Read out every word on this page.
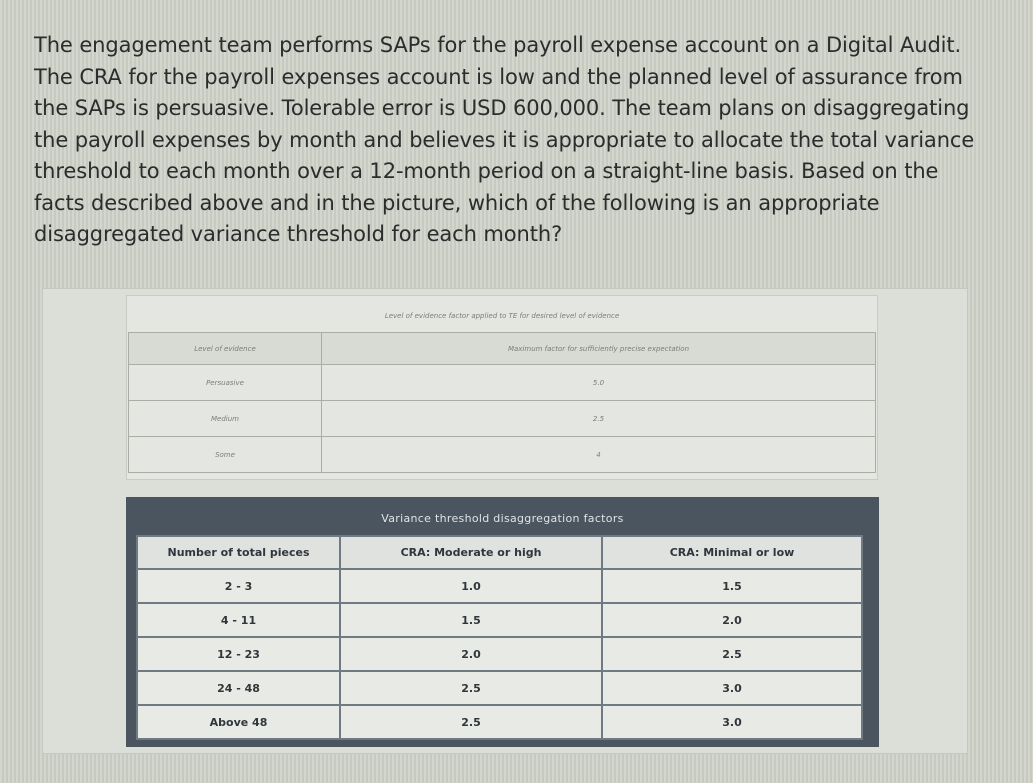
The engagement team performs SAPs for the payroll expense account on a Digital Audit. The CRA for the payroll expenses account is low and the planned level of assurance from the SAPs is persuasive. Tolerable error is USD 600,000. The team plans on disaggregating the payroll expenses by month and believes it is appropriate to allocate the total variance threshold to each month over a 12-month period on a straight-line basis. Based on the facts described above and in the picture, which of the following is an appropriate disaggregated variance threshold for each month?
Level of evidence factor applied to TE for desired level of evidence
Level of evidence	Maximum factor for sufficiently precise expectation
Persuasive	5.0
Medium	2.5
Some	4
Variance threshold disaggregation factors
Number of total pieces	CRA: Moderate or high	CRA: Minimal or low
2 - 3	1.0	1.5
4 - 11	1.5	2.0
12 - 23	2.0	2.5
24 - 48	2.5	3.0
Above 48	2.5	3.0
